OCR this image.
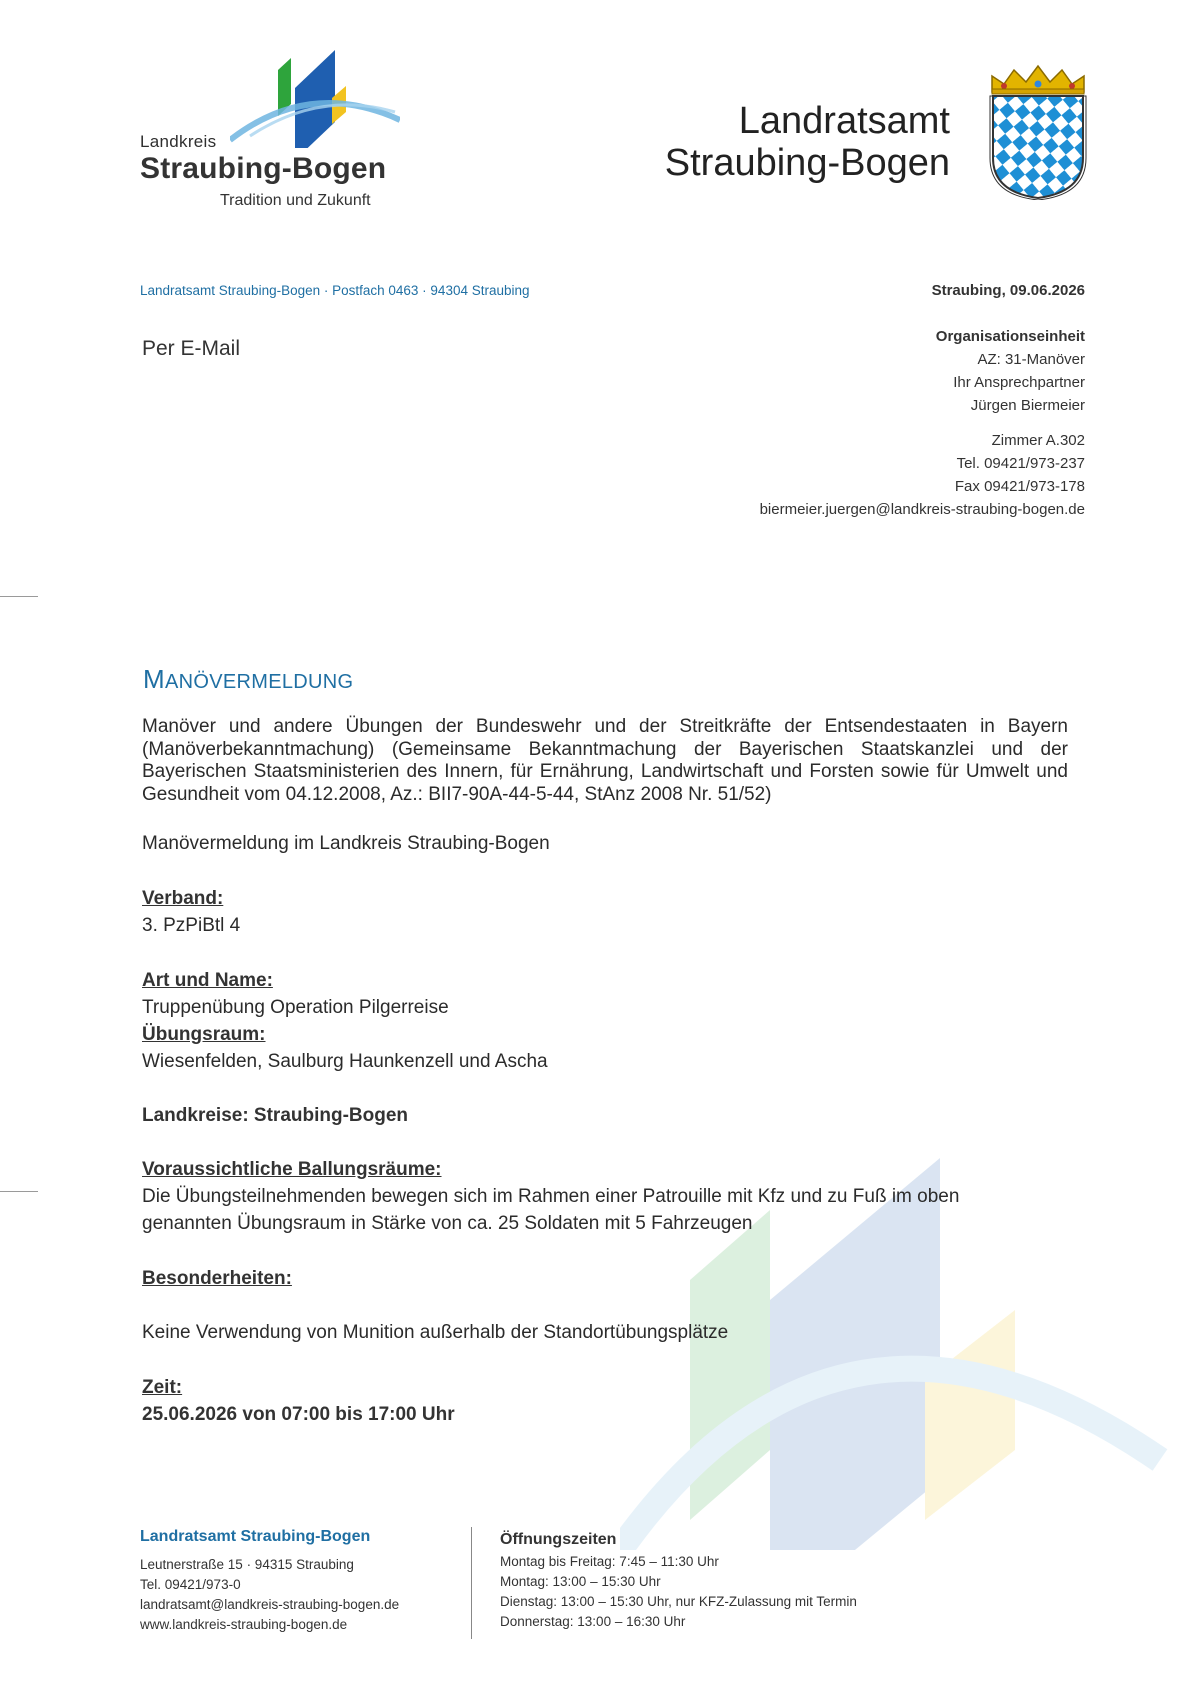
Landkreis
Straubing-Bogen
Tradition und Zukunft
Landratsamt
Straubing-Bogen
Landratsamt Straubing-Bogen · Postfach 0463 · 94304 Straubing	Straubing, 09.06.2026
Organisationseinheit
AZ: 31-Manöver
Ihr Ansprechpartner
Jürgen Biermeier
Zimmer A.302
Tel. 09421/973-237
Fax 09421/973-178
biermeier.juergen@landkreis-straubing-bogen.de
Per E-Mail
MANÖVERMELDUNG
Manöver und andere Übungen der Bundeswehr und der Streitkräfte der Entsendestaaten in Bayern (Manöverbekanntmachung) (Gemeinsame Bekanntmachung der Bayerischen Staatskanzlei und der Bayerischen Staatsministerien des Innern, für Ernährung, Landwirtschaft und Forsten sowie für Umwelt und Gesundheit vom 04.12.2008, Az.: BII7-90A-44-5-44, StAnz 2008 Nr. 51/52)
Manövermeldung im Landkreis Straubing-Bogen
Verband:
3. PzPiBtl 4
Art und Name:
Truppenübung Operation Pilgerreise
Übungsraum:
Wiesenfelden, Saulburg Haunkenzell und Ascha
Landkreise: Straubing-Bogen
Voraussichtliche Ballungsräume:
Die Übungsteilnehmenden bewegen sich im Rahmen einer Patrouille mit Kfz und zu Fuß im oben
genannten Übungsraum in Stärke von ca. 25 Soldaten mit 5 Fahrzeugen
Besonderheiten:
Keine Verwendung von Munition außerhalb der Standortübungsplätze
Zeit:
25.06.2026 von 07:00 bis 17:00 Uhr
Landratsamt Straubing-Bogen
Leutnerstraße 15 · 94315 Straubing
Tel. 09421/973-0
landratsamt@landkreis-straubing-bogen.de
www.landkreis-straubing-bogen.de
Öffnungszeiten
Montag bis Freitag: 7:45 – 11:30 Uhr
Montag: 13:00 – 15:30 Uhr
Dienstag: 13:00 – 15:30 Uhr, nur KFZ-Zulassung mit Termin
Donnerstag: 13:00 – 16:30 Uhr
